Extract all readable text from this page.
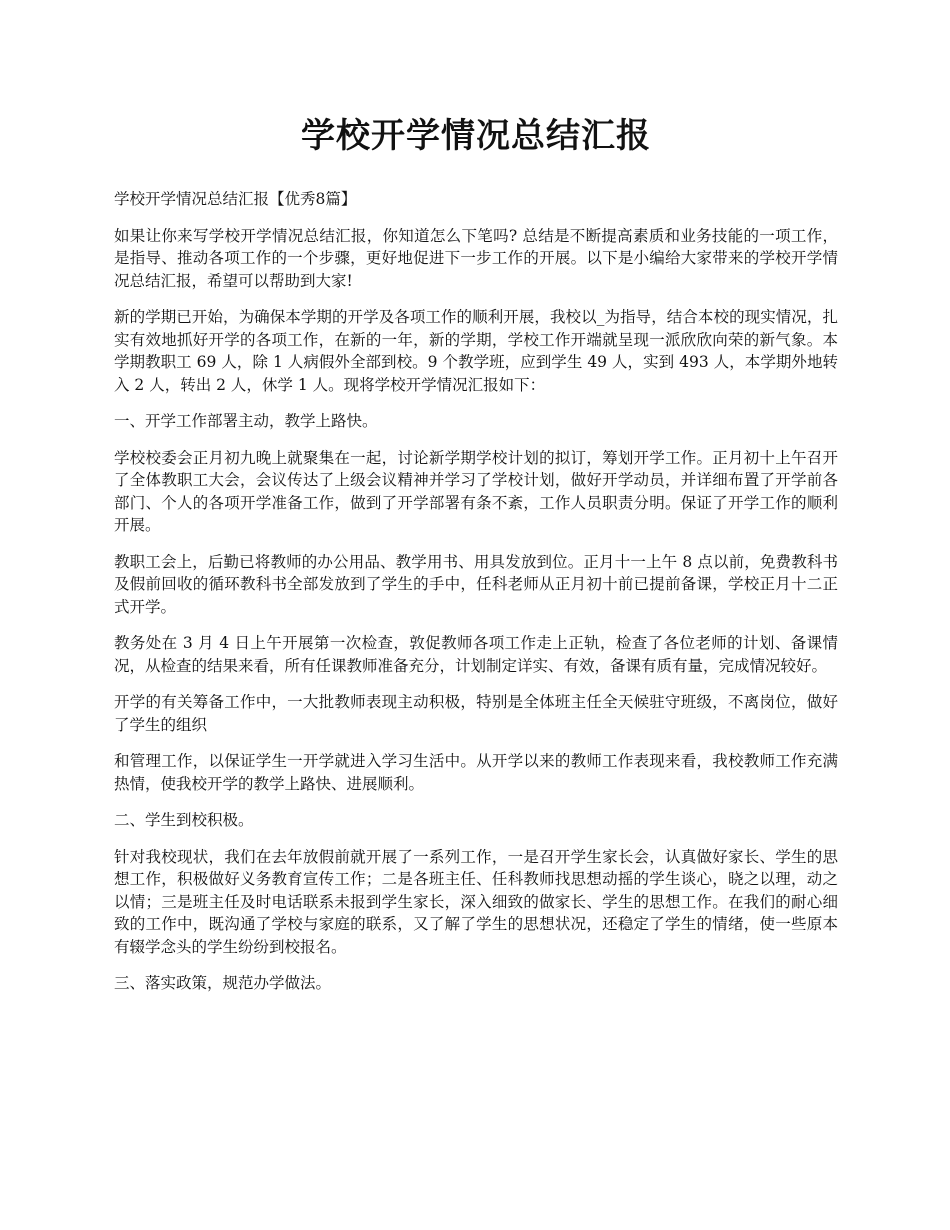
学校开学情况总结汇报

学校开学情况总结汇报【优秀8篇】

如果让你来写学校开学情况总结汇报，你知道怎么下笔吗? 总结是不断提高素质和业务技能的一项工作，是指导、推动各项工作的一个步骤，更好地促进下一步工作的开展。以下是小编给大家带来的学校开学情况总结汇报，希望可以帮助到大家!

新的学期已开始，为确保本学期的开学及各项工作的顺利开展，我校以_为指导，结合本校的现实情况，扎实有效地抓好开学的各项工作，在新的一年，新的学期，学校工作开端就呈现一派欣欣向荣的新气象。本学期教职工 69 人，除 1 人病假外全部到校。9 个教学班，应到学生 49 人，实到 493 人，本学期外地转入 2 人，转出 2 人，休学 1 人。现将学校开学情况汇报如下：

一、开学工作部署主动，教学上路快。

学校校委会正月初九晚上就聚集在一起，讨论新学期学校计划的拟订，筹划开学工作。正月初十上午召开了全体教职工大会，会议传达了上级会议精神并学习了学校计划，做好开学动员，并详细布置了开学前各部门、个人的各项开学准备工作，做到了开学部署有条不紊，工作人员职责分明。保证了开学工作的顺利开展。

教职工会上，后勤已将教师的办公用品、教学用书、用具发放到位。正月十一上午 8 点以前，免费教科书及假前回收的循环教科书全部发放到了学生的手中，任科老师从正月初十前已提前备课，学校正月十二正式开学。

教务处在 3 月 4 日上午开展第一次检查，敦促教师各项工作走上正轨，检查了各位老师的计划、备课情况，从检查的结果来看，所有任课教师准备充分，计划制定详实、有效，备课有质有量，完成情况较好。

开学的有关筹备工作中，一大批教师表现主动积极，特别是全体班主任全天候驻守班级，不离岗位，做好了学生的组织

和管理工作，以保证学生一开学就进入学习生活中。从开学以来的教师工作表现来看，我校教师工作充满热情，使我校开学的教学上路快、进展顺利。

二、学生到校积极。

针对我校现状，我们在去年放假前就开展了一系列工作，一是召开学生家长会，认真做好家长、学生的思想工作，积极做好义务教育宣传工作；二是各班主任、任科教师找思想动摇的学生谈心，晓之以理，动之以情；三是班主任及时电话联系未报到学生家长，深入细致的做家长、学生的思想工作。在我们的耐心细致的工作中，既沟通了学校与家庭的联系，又了解了学生的思想状况，还稳定了学生的情绪，使一些原本有辍学念头的学生纷纷到校报名。

三、落实政策，规范办学做法。
